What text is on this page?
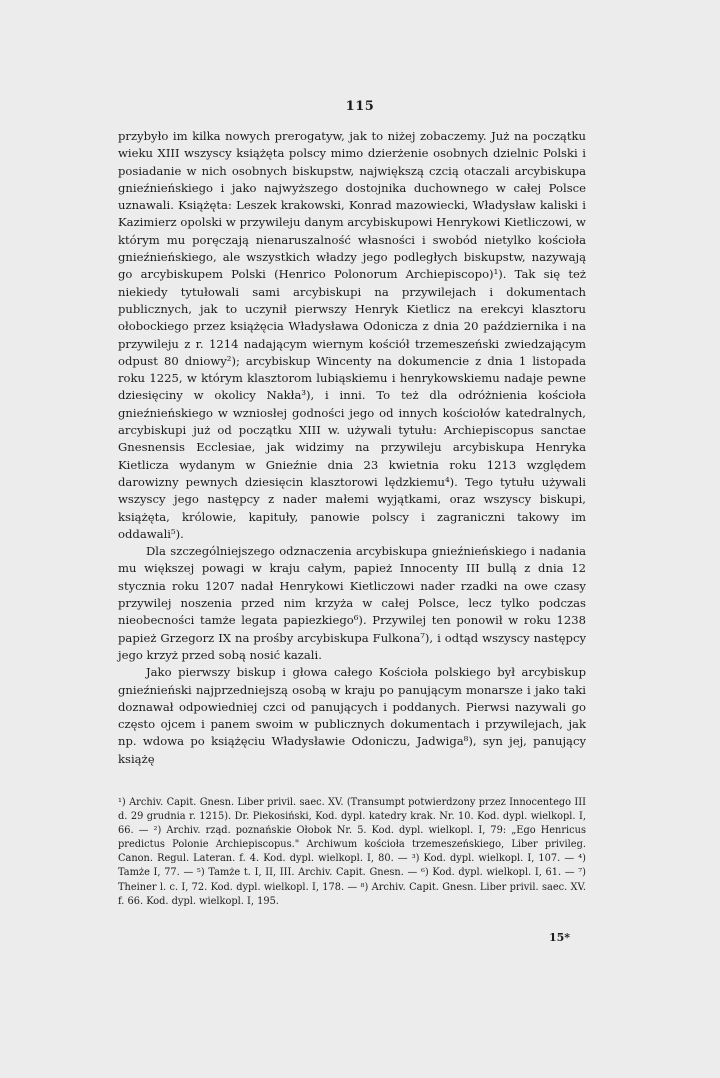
115

przybyło im kilka nowych prerogatyw, jak to niżej zobaczemy. Już na początku wieku XIII wszyscy książęta polscy mimo dzierżenie osobnych dzielnic Polski i posiadanie w nich osobnych biskupstw, największą czcią otaczali arcybiskupa gnieźnieńskiego i jako najwyższego dostojnika duchownego w całej Polsce uznawali. Książęta: Leszek krakowski, Konrad mazowiecki, Władysław kaliski i Kazimierz opolski w przywileju danym arcybiskupowi Henrykowi Kietliczowi, w którym mu poręczają nienaruszalność własności i swobód nietylko kościoła gnieźnieńskiego, ale wszystkich władzy jego podległych biskupstw, nazywają go arcybiskupem Polski (Henrico Polonorum Archiepiscopo)¹). Tak się też niekiedy tytułowali sami arcybiskupi na przywilejach i dokumentach publicznych, jak to uczynił pierwszy Henryk Kietlicz na erekcyi klasztoru ołobockiego przez książęcia Władysława Odonicza z dnia 20 października i na przywileju z r. 1214 nadającym wiernym kościół trzemeszeński zwiedzającym odpust 80 dniowy²); arcybiskup Wincenty na dokumencie z dnia 1 listopada roku 1225, w którym klasztorom lubiąskiemu i henrykowskiemu nadaje pewne dziesięciny w okolicy Nakła³), i inni. To też dla odróżnienia kościoła gnieźnieńskiego w wzniosłej godności jego od innych kościołów katedralnych, arcybiskupi już od początku XIII w. używali tytułu: Archiepiscopus sanctae Gnesnensis Ecclesiae, jak widzimy na przywileju arcybiskupa Henryka Kietlicza wydanym w Gnieźnie dnia 23 kwietnia roku 1213 względem darowizny pewnych dziesięcin klasztorowi lędzkiemu⁴). Tego tytułu używali wszyscy jego następcy z nader małemi wyjątkami, oraz wszyscy biskupi, książęta, królowie, kapituły, panowie polscy i zagraniczni takowy im oddawali⁵).

Dla szczególniejszego odznaczenia arcybiskupa gnieźnieńskiego i nadania mu większej powagi w kraju całym, papież Innocenty III bullą z dnia 12 stycznia roku 1207 nadał Henrykowi Kietliczowi nader rzadki na owe czasy przywilej noszenia przed nim krzyża w całej Polsce, lecz tylko podczas nieobecności tamże legata papiezkiego⁶). Przywilej ten ponowił w roku 1238 papież Grzegorz IX na prośby arcybiskupa Fulkona⁷), i odtąd wszyscy następcy jego krzyż przed sobą nosić kazali.

Jako pierwszy biskup i głowa całego Kościoła polskiego był arcybiskup gnieźnieński najprzedniejszą osobą w kraju po panującym monarsze i jako taki doznawał odpowiedniej czci od panujących i poddanych. Pierwsi nazywali go często ojcem i panem swoim w publicznych dokumentach i przywilejach, jak np. wdowa po książęciu Władysławie Odoniczu, Jadwiga⁸), syn jej, panujący książę

¹) Archiv. Capit. Gnesn. Liber privil. saec. XV. (Transumpt potwierdzony przez Innocentego III d. 29 grudnia r. 1215). Dr. Piekosiński, Kod. dypl. katedry krak. Nr. 10. Kod. dypl. wielkopl. I, 66. — ²) Archiv. rząd. poznańskie Ołobok Nr. 5. Kod. dypl. wielkopl. I, 79: „Ego Henricus predictus Polonie Archiepiscopus." Archiwum kościoła trzemeszeńskiego, Liber privileg. Canon. Regul. Lateran. f. 4. Kod. dypl. wielkopl. I, 80. — ³) Kod. dypl. wielkopl. I, 107. — ⁴) Tamże I, 77. — ⁵) Tamże t. I, II, III. Archiv. Capit. Gnesn. — ⁶) Kod. dypl. wielkopl. I, 61. — ⁷) Theiner l. c. I, 72. Kod. dypl. wielkopl. I, 178. — ⁸) Archiv. Capit. Gnesn. Liber privil. saec. XV. f. 66. Kod. dypl. wielkopl. I, 195.
15*
